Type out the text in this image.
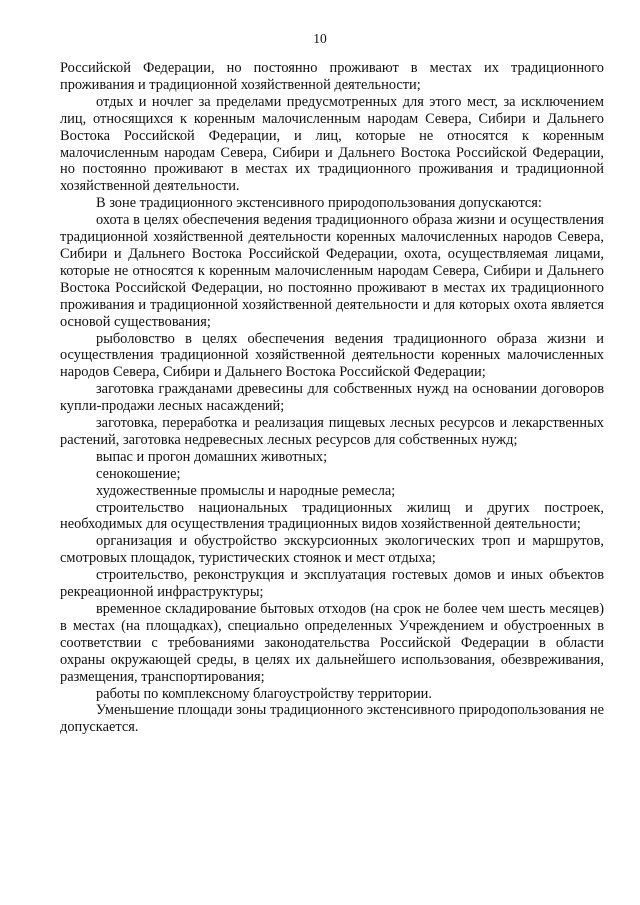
10

Российской Федерации, но постоянно проживают в местах их традиционного проживания и традиционной хозяйственной деятельности;

отдых и ночлег за пределами предусмотренных для этого мест, за исключением лиц, относящихся к коренным малочисленным народам Севера, Сибири и Дальнего Востока Российской Федерации, и лиц, которые не относятся к коренным малочисленным народам Севера, Сибири и Дальнего Востока Российской Федерации, но постоянно проживают в местах их традиционного проживания и традиционной хозяйственной деятельности.

В зоне традиционного экстенсивного природопользования допускаются:

охота в целях обеспечения ведения традиционного образа жизни и осуществления традиционной хозяйственной деятельности коренных малочисленных народов Севера, Сибири и Дальнего Востока Российской Федерации, охота, осуществляемая лицами, которые не относятся к коренным малочисленным народам Севера, Сибири и Дальнего Востока Российской Федерации, но постоянно проживают в местах их традиционного проживания и традиционной хозяйственной деятельности и для которых охота является основой существования;

рыболовство в целях обеспечения ведения традиционного образа жизни и осуществления традиционной хозяйственной деятельности коренных малочисленных народов Севера, Сибири и Дальнего Востока Российской Федерации;

заготовка гражданами древесины для собственных нужд на основании договоров купли-продажи лесных насаждений;

заготовка, переработка и реализация пищевых лесных ресурсов и лекарственных растений, заготовка недревесных лесных ресурсов для собственных нужд;

выпас и прогон домашних животных;

сенокошение;

художественные промыслы и народные ремесла;

строительство национальных традиционных жилищ и других построек, необходимых для осуществления традиционных видов хозяйственной деятельности;

организация и обустройство экскурсионных экологических троп и маршрутов, смотровых площадок, туристических стоянок и мест отдыха;

строительство, реконструкция и эксплуатация гостевых домов и иных объектов рекреационной инфраструктуры;

временное складирование бытовых отходов (на срок не более чем шесть месяцев) в местах (на площадках), специально определенных Учреждением и обустроенных в соответствии с требованиями законодательства Российской Федерации в области охраны окружающей среды, в целях их дальнейшего использования, обезвреживания, размещения, транспортирования;

работы по комплексному благоустройству территории.

Уменьшение площади зоны традиционного экстенсивного природопользования не допускается.
